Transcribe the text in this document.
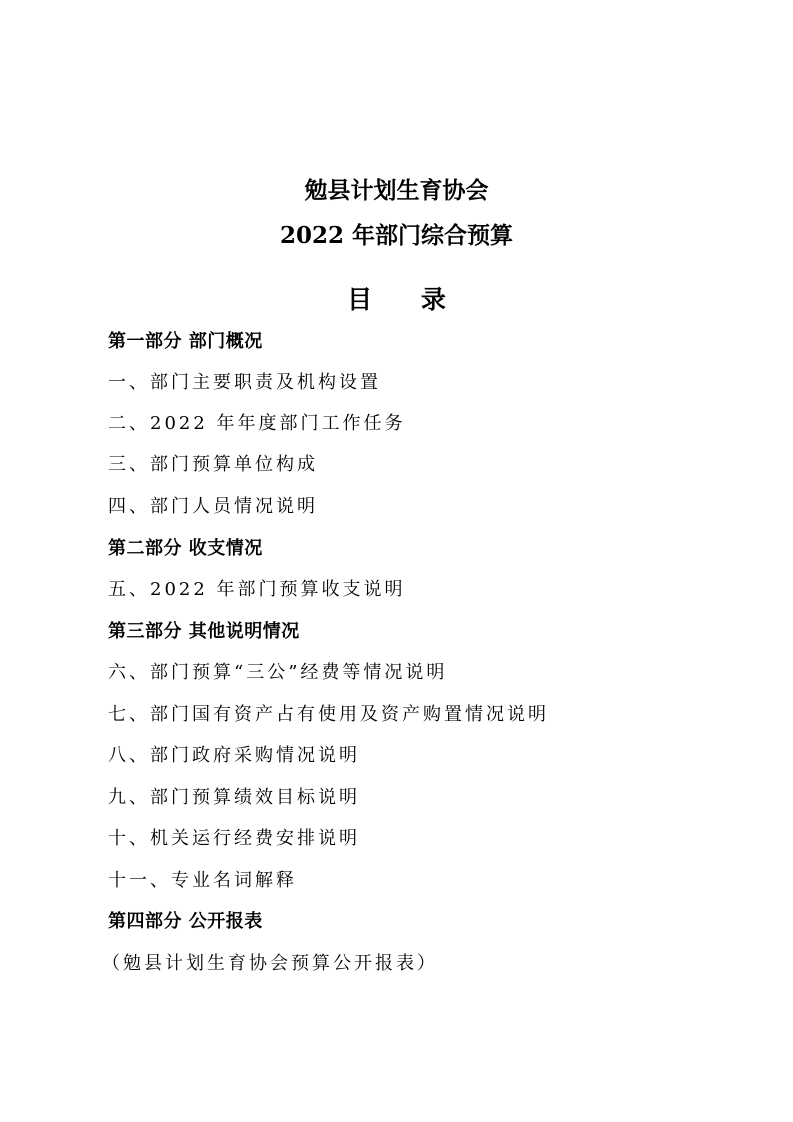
勉县计划生育协会
2022 年部门综合预算
目 录
第一部分 部门概况
一、部门主要职责及机构设置
二、2022 年年度部门工作任务
三、部门预算单位构成
四、部门人员情况说明
第二部分 收支情况
五、2022 年部门预算收支说明
第三部分 其他说明情况
六、部门预算“三公”经费等情况说明
七、部门国有资产占有使用及资产购置情况说明
八、部门政府采购情况说明
九、部门预算绩效目标说明
十、机关运行经费安排说明
十一、专业名词解释
第四部分 公开报表
（勉县计划生育协会预算公开报表）
